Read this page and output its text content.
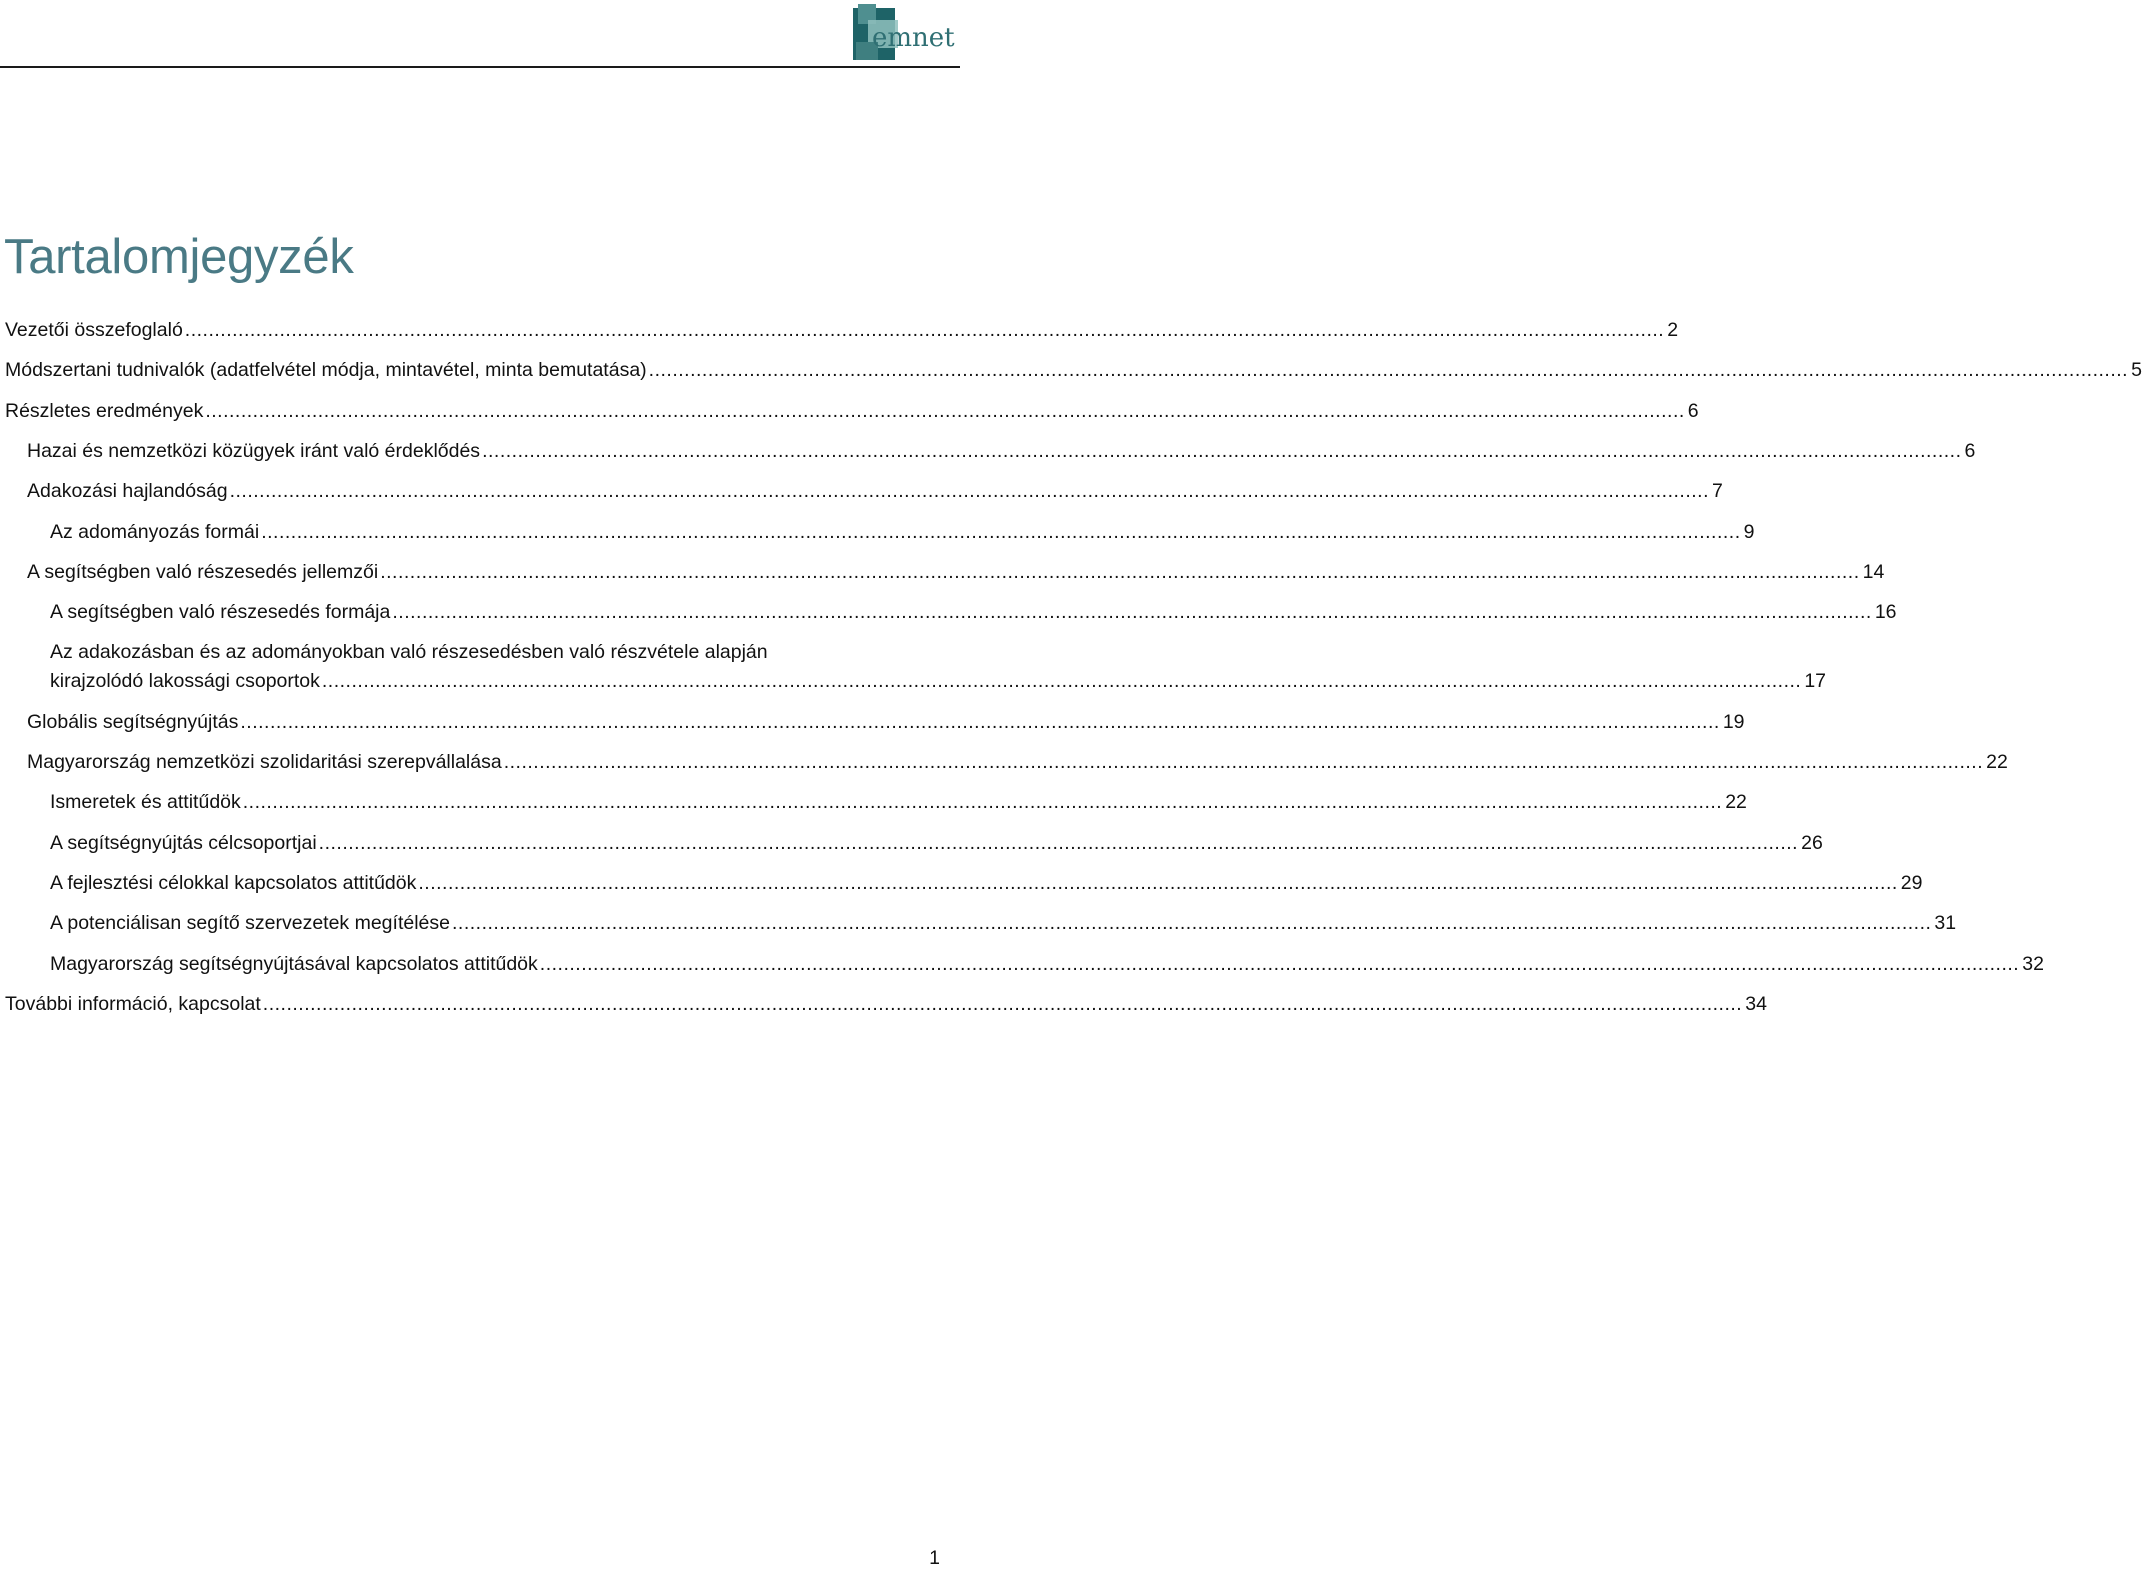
emnet
Tartalomjegyzék
Vezetői összefoglaló .....	2
Módszertani tudnivalók (adatfelvétel módja, mintavétel, minta bemutatása) .....	5
Részletes eredmények .....	6
Hazai és nemzetközi közügyek iránt való érdeklődés .....	6
Adakozási hajlandóság .....	7
Az adományozás formái .....	9
A segítségben való részesedés jellemzői .....	14
A segítségben való részesedés formája .....	16
Az adakozásban és az adományokban való részesedésben való részvétele alapján
kirajzolódó lakossági csoportok .....	17
Globális segítségnyújtás .....	19
Magyarország nemzetközi szolidaritási szerepvállalása .....	22
Ismeretek és attitűdök .....	22
A segítségnyújtás célcsoportjai .....	26
A fejlesztési célokkal kapcsolatos attitűdök .....	29
A potenciálisan segítő szervezetek megítélése .....	31
Magyarország segítségnyújtásával kapcsolatos attitűdök .....	32
További információ, kapcsolat .....	34
1
